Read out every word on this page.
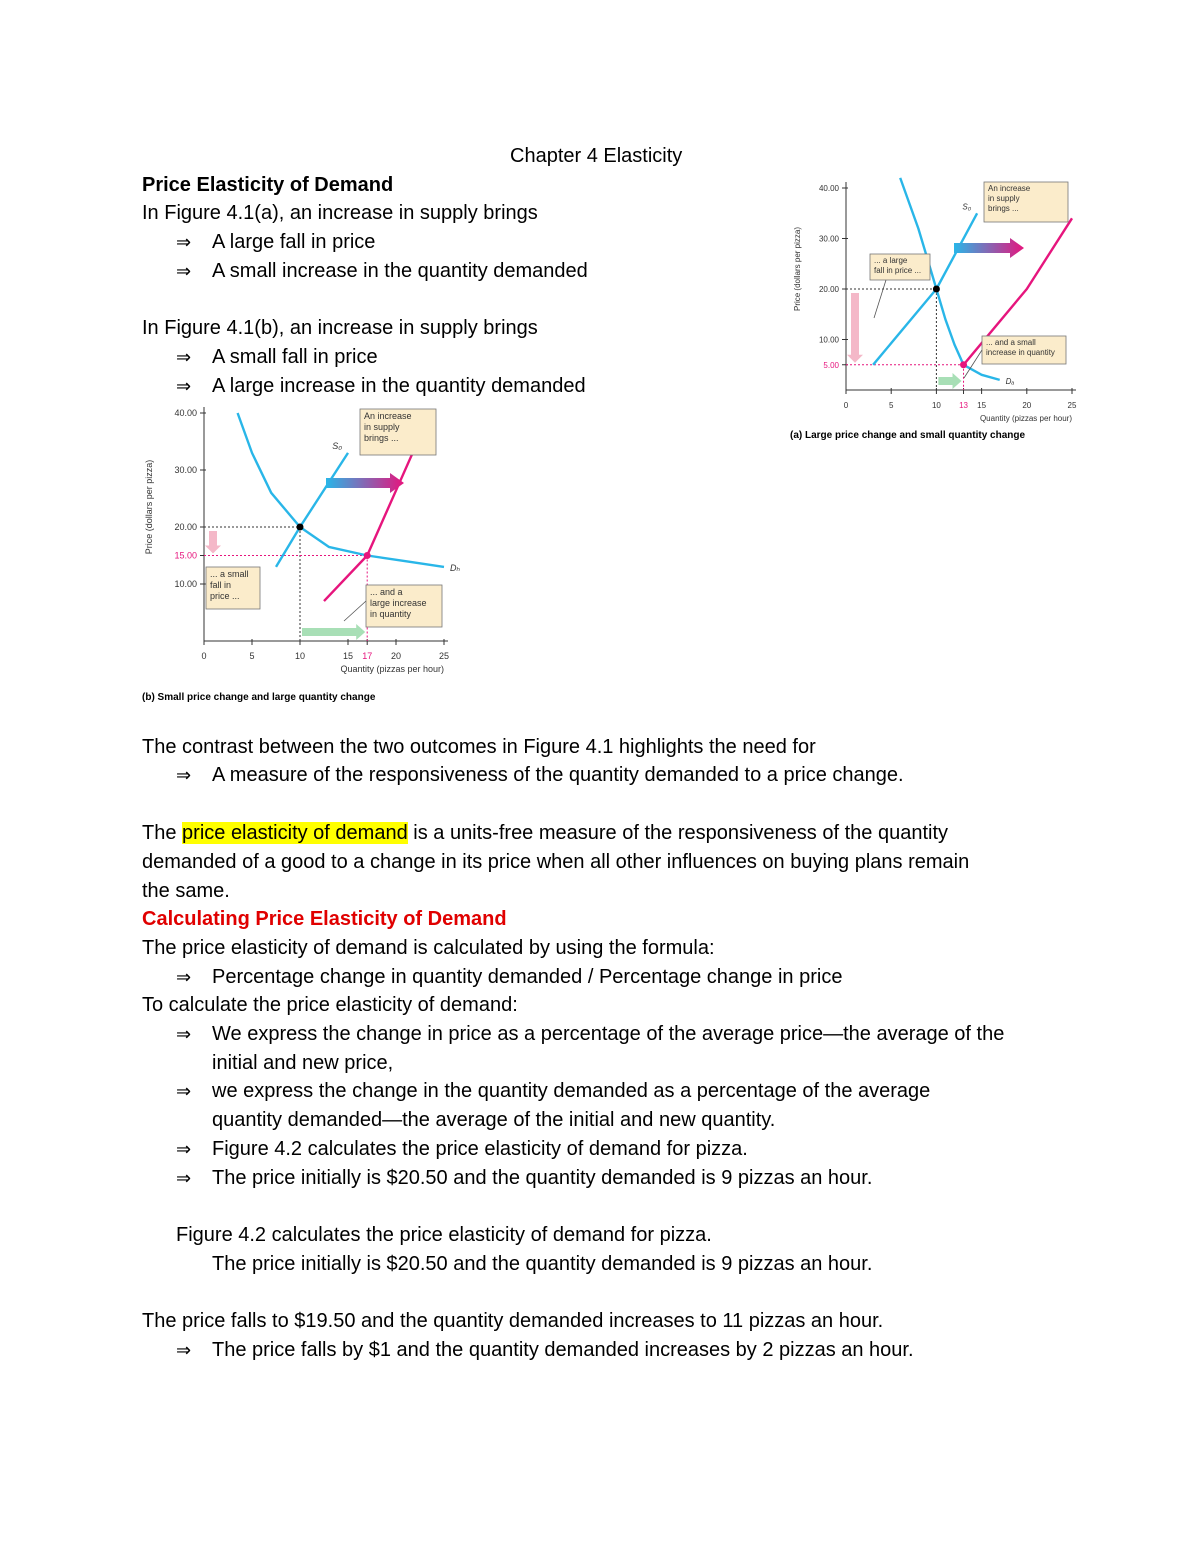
Chapter 4 Elasticity
Price Elasticity of Demand
In Figure 4.1(a), an increase in supply brings
⇒ A large fall in price
⇒ A small increase in the quantity demanded
In Figure 4.1(b), an increase in supply brings
⇒ A small fall in price
⇒ A large increase in the quantity demanded
The contrast between the two outcomes in Figure 4.1 highlights the need for
⇒ A measure of the responsiveness of the quantity demanded to a price change.
The price elasticity of demand is a units-free measure of the responsiveness of the quantity
demanded of a good to a change in its price when all other influences on buying plans remain
the same.
Calculating Price Elasticity of Demand
The price elasticity of demand is calculated by using the formula:
⇒ Percentage change in quantity demanded / Percentage change in price
To calculate the price elasticity of demand:
⇒ We express the change in price as a percentage of the average price—the average of the
initial and new price,
⇒ we express the change in the quantity demanded as a percentage of the average
quantity demanded—the average of the initial and new quantity.
⇒ Figure 4.2 calculates the price elasticity of demand for pizza.
⇒ The price initially is $20.50 and the quantity demanded is 9 pizzas an hour.
Figure 4.2 calculates the price elasticity of demand for pizza.
The price initially is $20.50 and the quantity demanded is 9 pizzas an hour.
The price falls to $19.50 and the quantity demanded increases to 11 pizzas an hour.
⇒ The price falls by $1 and the quantity demanded increases by 2 pizzas an hour.
5.00
10.00
20.00
30.00
40.00
0	5	10 13 15	20	25
Quantity (pizzas per hour)
Price (dollars per pizza)
Dₐ
S₀
An increase
in supply
brings ...
... a large
fall in price ...
... and a small
increase in quantity
(a) Large price change and small quantity change
10.00
15.00
20.00
30.00
40.00
0	5	10	15 17 20	25
Quantity (pizzas per hour)
Price (dollars per pizza)
Dₕ
S₀
An increase
in supply
brings ...
... a small
fall in
price ...	... and a
large increase
in quantity
(b) Small price change and large quantity change
